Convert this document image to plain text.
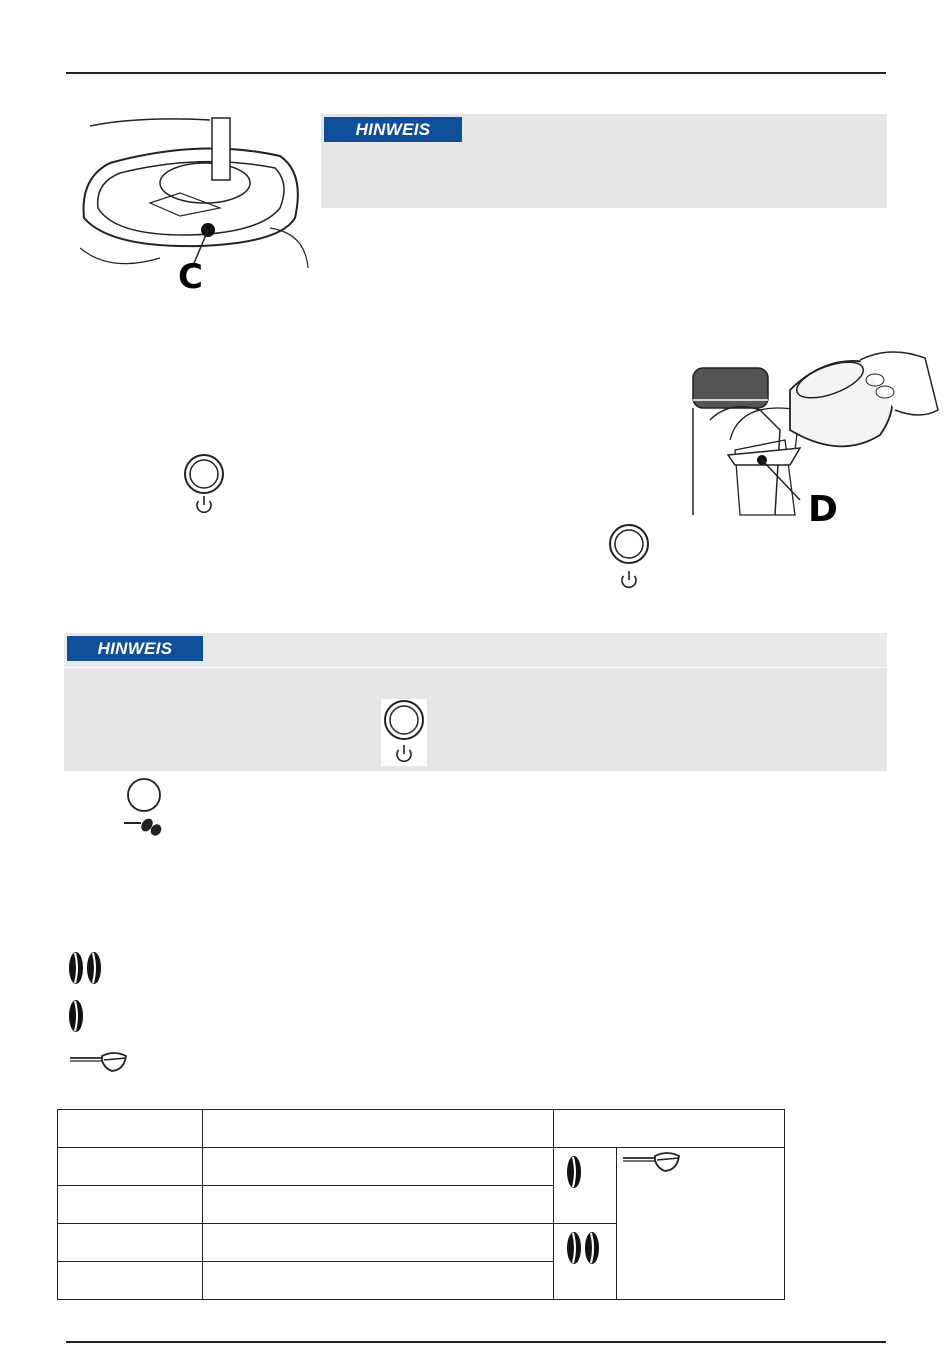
C
HINWEIS
D
HINWEIS
